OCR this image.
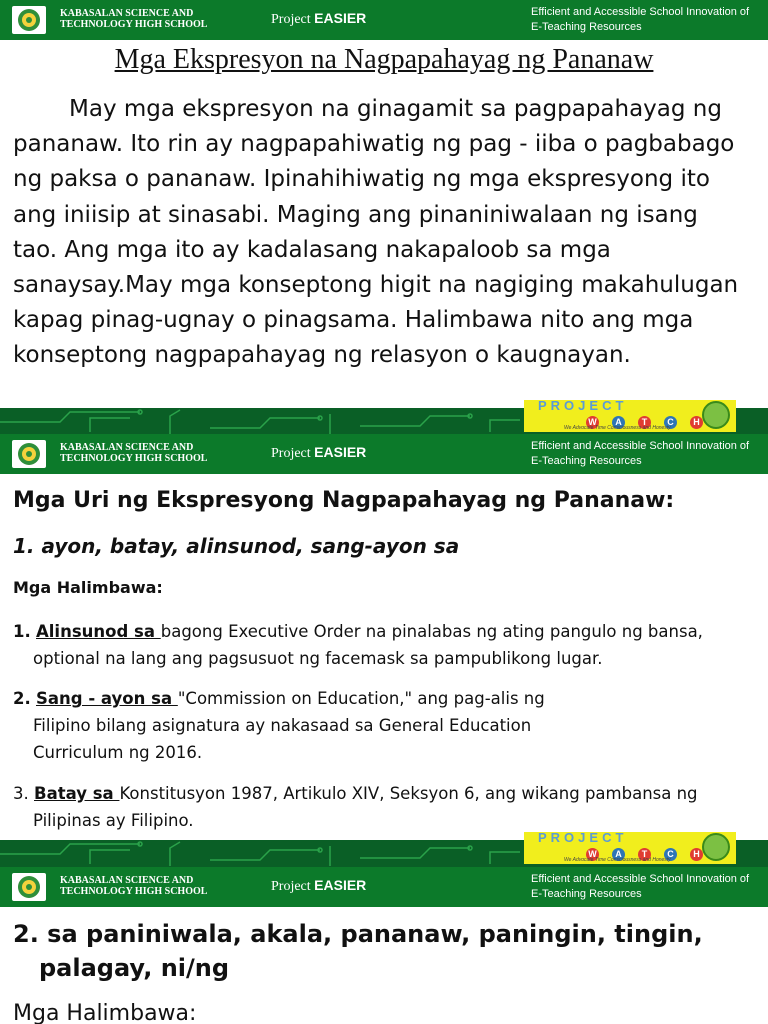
KABASALAN SCIENCE AND
TECHNOLOGY HIGH SCHOOL	Project EASIER	Efficient and Accessible School Innovation of E-Teaching Resources
Mga Ekspresyon na Nagpapahayag ng Pananaw
May mga ekspresyon na ginagamit sa pagpapahayag ng
pananaw. Ito rin ay nagpapahiwatig ng pag - iiba o pagbabago
ng paksa o pananaw. Ipinahihiwatig ng mga ekspresyong ito
ang iniisip at sinasabi. Maging ang pinaniniwalaan ng isang
tao. Ang mga ito ay kadalasang nakapaloob sa mga
sanaysay.May mga konseptong higit na nagiging makahulugan
kapag pinag-ugnay o pinagsama. Halimbawa nito ang mga
konseptong nagpapahayag ng relasyon o kaugnayan.
PROJECT
W A T C H
We Advocate Time Consciousness and Honesty
KABASALAN SCIENCE AND
TECHNOLOGY HIGH SCHOOL	Project EASIER	Efficient and Accessible School Innovation of E-Teaching Resources
Mga Uri ng Ekspresyong Nagpapahayag ng Pananaw:
1. ayon, batay, alinsunod, sang-ayon sa
Mga Halimbawa:
1. Alinsunod sa bagong Executive Order na pinalabas ng ating pangulo ng bansa,
optional na lang ang pagsusuot ng facemask sa pampublikong lugar.
2. Sang - ayon sa "Commission on Education," ang pag-alis ng
Filipino bilang asignatura ay nakasaad sa General Education
Curriculum ng 2016.
3. Batay sa Konstitusyon 1987, Artikulo XIV, Seksyon 6, ang wikang pambansa ng
Pilipinas ay Filipino.
PROJECT
W A T C H
We Advocate Time Consciousness and Honesty
KABASALAN SCIENCE AND
TECHNOLOGY HIGH SCHOOL	Project EASIER	Efficient and Accessible School Innovation of E-Teaching Resources
2. sa paniniwala, akala, pananaw, paningin, tingin,
palagay, ni/ng
Mga Halimbawa:
